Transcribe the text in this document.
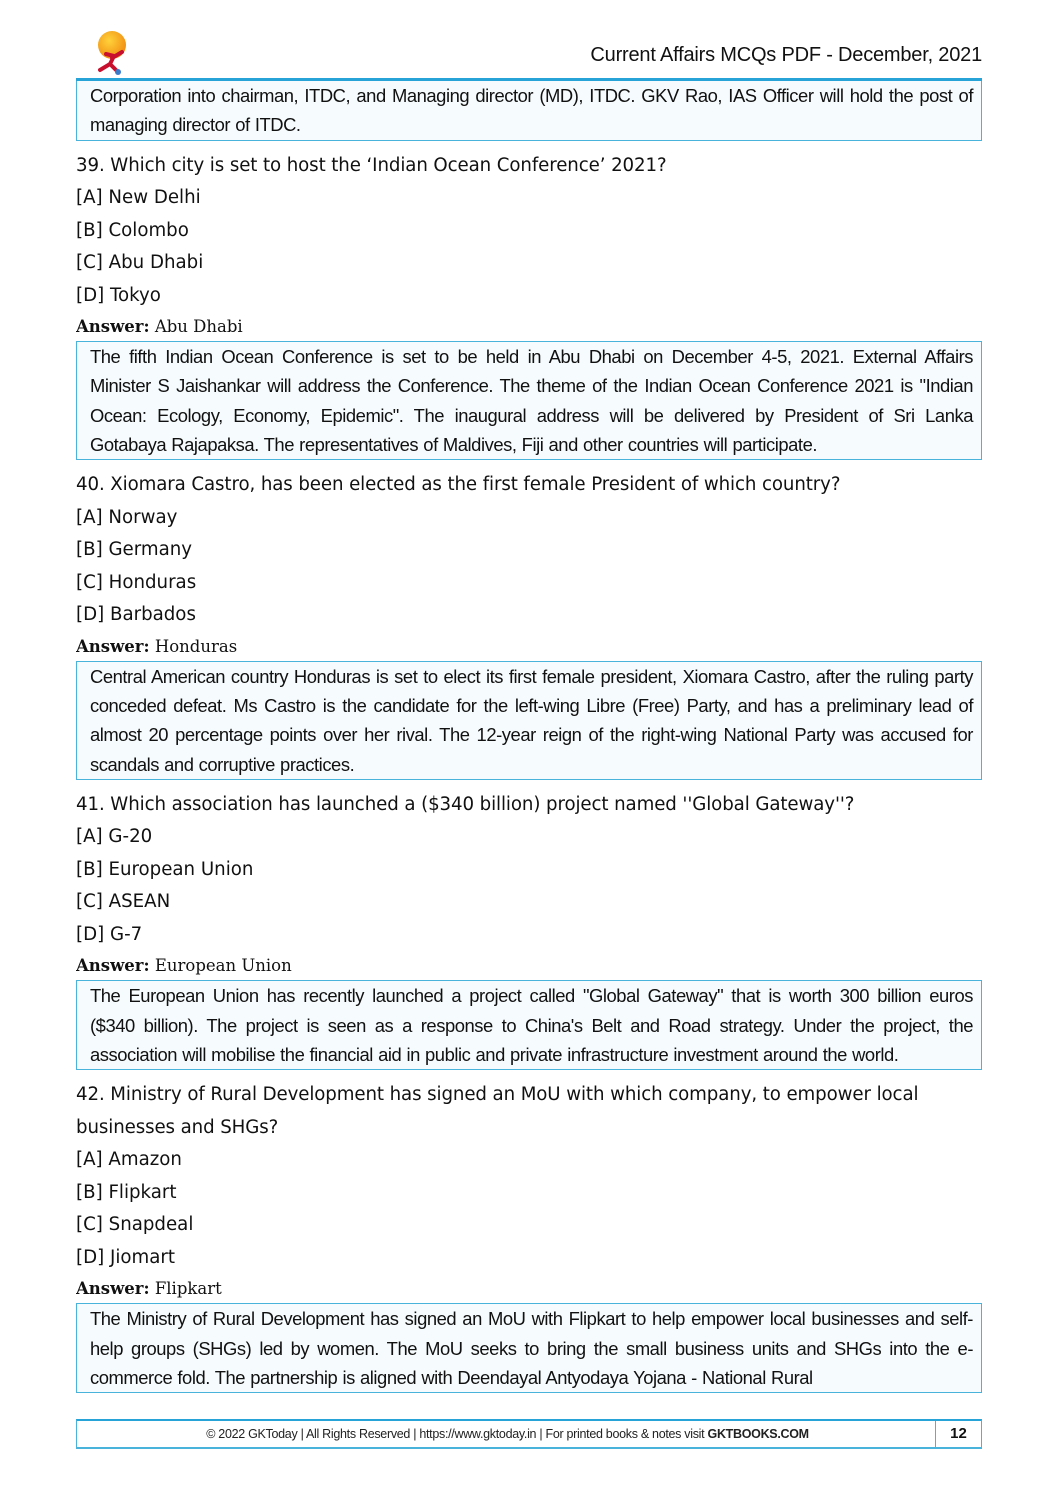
Current Affairs MCQs PDF - December, 2021
Corporation into chairman, ITDC, and Managing director (MD), ITDC. GKV Rao, IAS Officer will hold the post of managing director of ITDC.
39. Which city is set to host the ‘Indian Ocean Conference’ 2021?
[A] New Delhi
[B] Colombo
[C] Abu Dhabi
[D] Tokyo
Answer: Abu Dhabi
The fifth Indian Ocean Conference is set to be held in Abu Dhabi on December 4-5, 2021. External Affairs Minister S Jaishankar will address the Conference. The theme of the Indian Ocean Conference 2021 is "Indian Ocean: Ecology, Economy, Epidemic". The inaugural address will be delivered by President of Sri Lanka Gotabaya Rajapaksa. The representatives of Maldives, Fiji and other countries will participate.
40. Xiomara Castro, has been elected as the first female President of which country?
[A] Norway
[B] Germany
[C] Honduras
[D] Barbados
Answer: Honduras
Central American country Honduras is set to elect its first female president, Xiomara Castro, after the ruling party conceded defeat. Ms Castro is the candidate for the left-wing Libre (Free) Party, and has a preliminary lead of almost 20 percentage points over her rival. The 12-year reign of the right-wing National Party was accused for scandals and corruptive practices.
41. Which association has launched a ($340 billion) project named ''Global Gateway''?
[A] G-20
[B] European Union
[C] ASEAN
[D] G-7
Answer: European Union
The European Union has recently launched a project called "Global Gateway" that is worth 300 billion euros ($340 billion). The project is seen as a response to China's Belt and Road strategy. Under the project, the association will mobilise the financial aid in public and private infrastructure investment around the world.
42. Ministry of Rural Development has signed an MoU with which company, to empower local businesses and SHGs?
[A] Amazon
[B] Flipkart
[C] Snapdeal
[D] Jiomart
Answer: Flipkart
The Ministry of Rural Development has signed an MoU with Flipkart to help empower local businesses and self-help groups (SHGs) led by women. The MoU seeks to bring the small business units and SHGs into the e-commerce fold. The partnership is aligned with Deendayal Antyodaya Yojana - National Rural
© 2022 GKToday | All Rights Reserved | https://www.gktoday.in | For printed books & notes visit GKTBOOKS.COM	12
